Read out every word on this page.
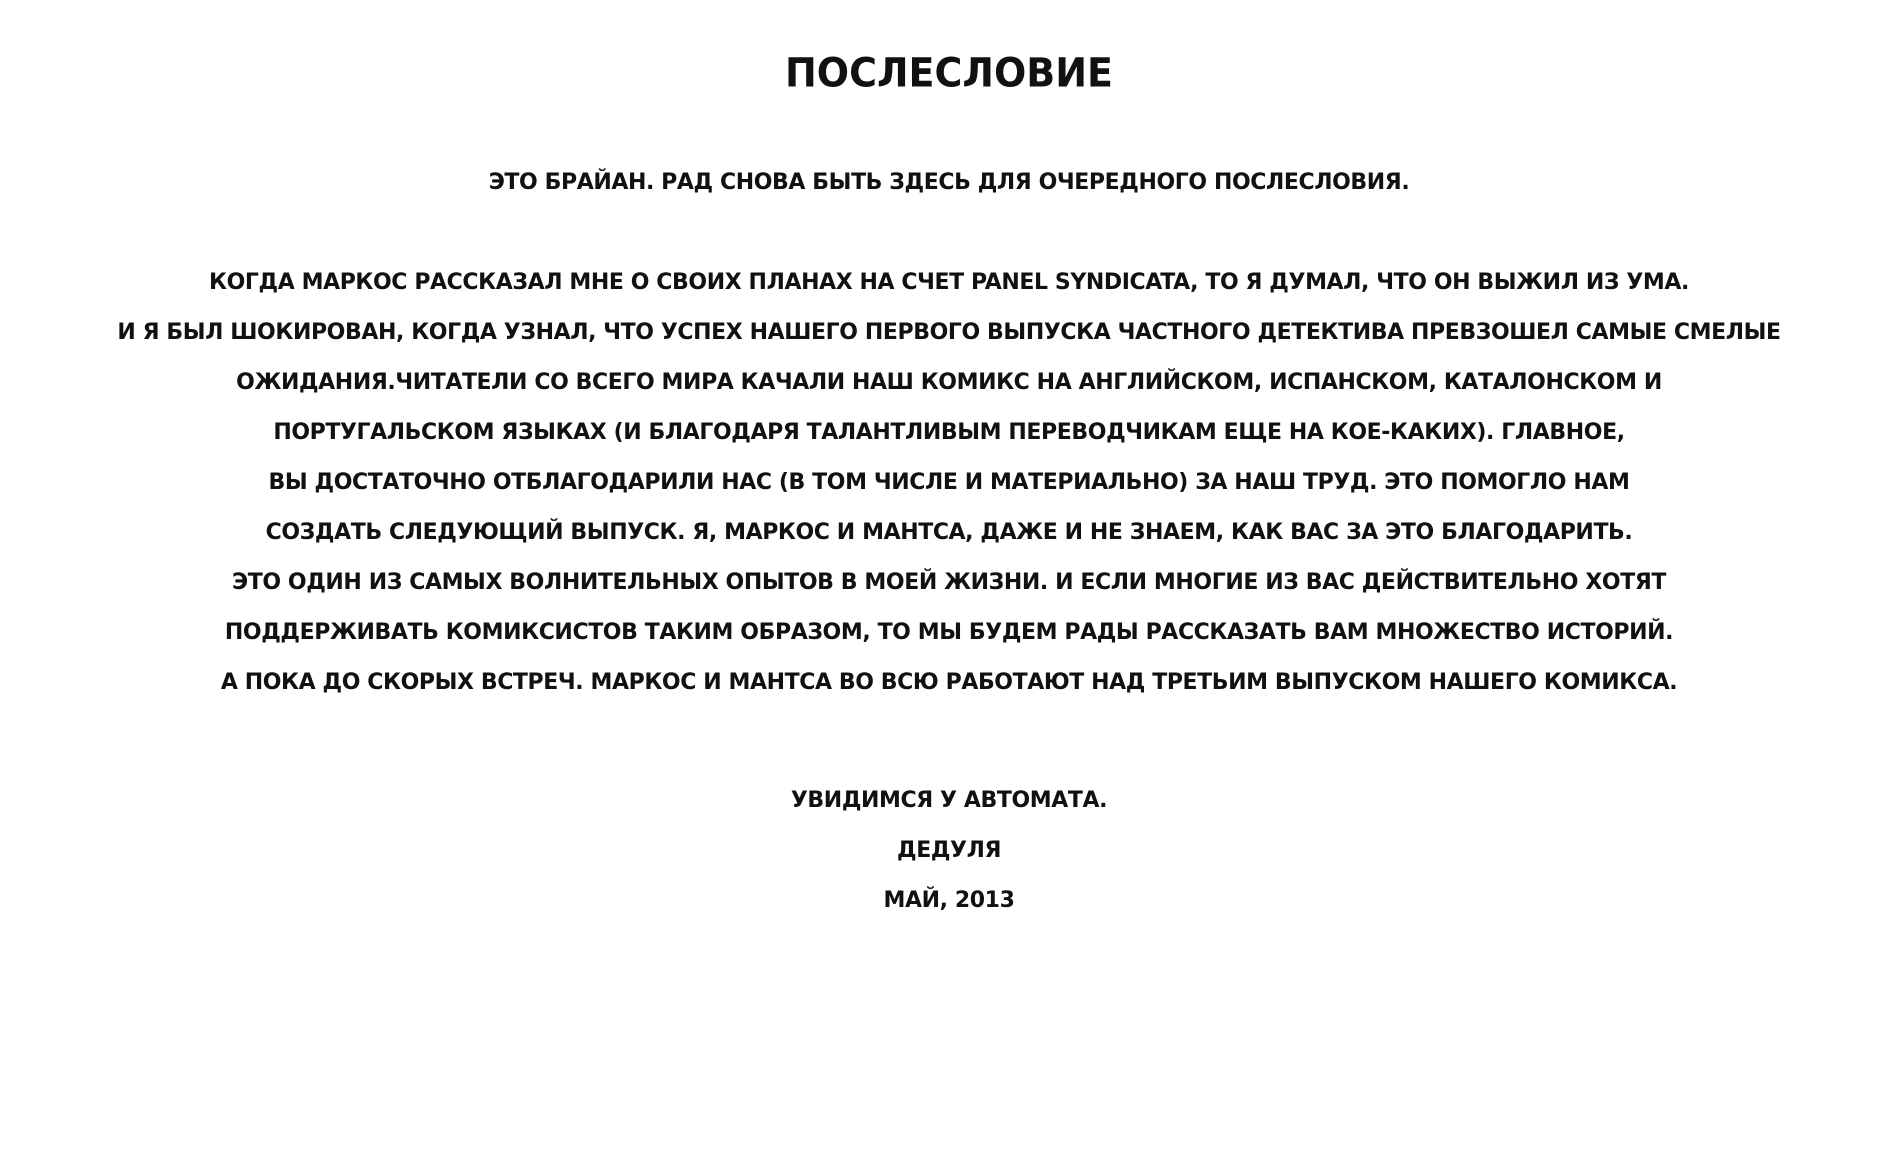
ПОСЛЕСЛОВИЕ

ЭТО БРАЙАН. РАД СНОВА БЫТЬ ЗДЕСЬ ДЛЯ ОЧЕРЕДНОГО ПОСЛЕСЛОВИЯ.

КОГДА МАРКОС РАССКАЗАЛ МНЕ О СВОИХ ПЛАНАХ НА СЧЕТ PANEL SYNDICATA, ТО Я ДУМАЛ, ЧТО ОН ВЫЖИЛ ИЗ УМА.

И Я БЫЛ ШОКИРОВАН, КОГДА УЗНАЛ, ЧТО УСПЕХ НАШЕГО ПЕРВОГО ВЫПУСКА ЧАСТНОГО ДЕТЕКТИВА ПРЕВЗОШЕЛ САМЫЕ СМЕЛЫЕ

ОЖИДАНИЯ.ЧИТАТЕЛИ СО ВСЕГО МИРА КАЧАЛИ НАШ КОМИКС НА АНГЛИЙСКОМ, ИСПАНСКОМ, КАТАЛОНСКОМ И

ПОРТУГАЛЬСКОМ ЯЗЫКАХ (И БЛАГОДАРЯ ТАЛАНТЛИВЫМ ПЕРЕВОДЧИКАМ ЕЩЕ НА КОЕ-КАКИХ). ГЛАВНОЕ,

ВЫ ДОСТАТОЧНО ОТБЛАГОДАРИЛИ НАС (В ТОМ ЧИСЛЕ И МАТЕРИАЛЬНО) ЗА НАШ ТРУД. ЭТО ПОМОГЛО НАМ

СОЗДАТЬ СЛЕДУЮЩИЙ ВЫПУСК. Я, МАРКОС И МАНТСА, ДАЖЕ И НЕ ЗНАЕМ, КАК ВАС ЗА ЭТО БЛАГОДАРИТЬ.

ЭТО ОДИН ИЗ САМЫХ ВОЛНИТЕЛЬНЫХ ОПЫТОВ В МОЕЙ ЖИЗНИ. И ЕСЛИ МНОГИЕ ИЗ ВАС ДЕЙСТВИТЕЛЬНО ХОТЯТ

ПОДДЕРЖИВАТЬ КОМИКСИСТОВ ТАКИМ ОБРАЗОМ, ТО МЫ БУДЕМ РАДЫ РАССКАЗАТЬ ВАМ МНОЖЕСТВО ИСТОРИЙ.

А ПОКА ДО СКОРЫХ ВСТРЕЧ. МАРКОС И МАНТСА ВО ВСЮ РАБОТАЮТ НАД ТРЕТЬИМ ВЫПУСКОМ НАШЕГО КОМИКСА.

УВИДИМСЯ У АВТОМАТА.

ДЕДУЛЯ

МАЙ, 2013
